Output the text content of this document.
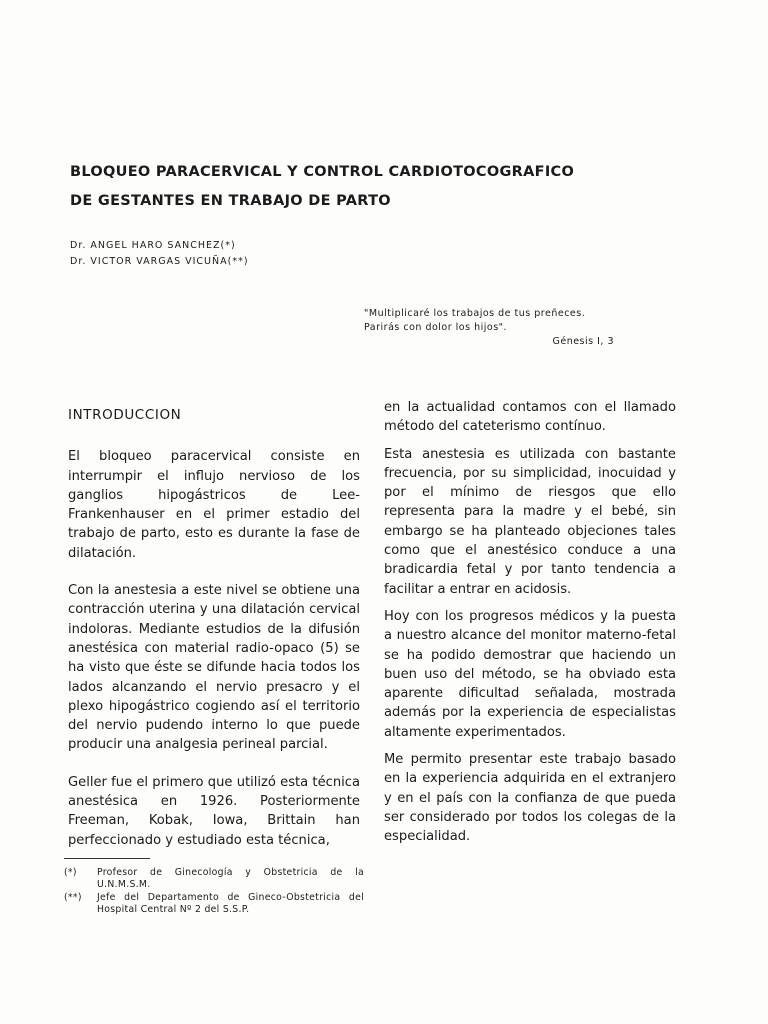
BLOQUEO PARACERVICAL Y CONTROL CARDIOTOCOGRAFICO
DE GESTANTES EN TRABAJO DE PARTO
Dr. ANGEL HARO SANCHEZ(*)
Dr. VICTOR VARGAS VICUÑA(**)
"Multiplicaré los trabajos de tus preñeces.
Parirás con dolor los hijos".
Génesis I, 3
INTRODUCCION

El bloqueo paracervical consiste en interrumpir el influjo nervioso de los ganglios hipogástricos de Lee-Frankenhauser en el primer estadio del trabajo de parto, esto es durante la fase de dilatación.

Con la anestesia a este nivel se obtiene una contracción uterina y una dilatación cervical indoloras. Mediante estudios de la difusión anestésica con material radio-opaco (5) se ha visto que éste se difunde hacia todos los lados alcanzando el nervio presacro y el plexo hipogástrico cogiendo así el territorio del nervio pudendo interno lo que puede producir una analgesia perineal parcial.

Geller fue el primero que utilizó esta técnica anestésica en 1926. Posteriormente Freeman, Kobak, Iowa, Brittain han perfeccionado y estudiado esta técnica,

en la actualidad contamos con el llamado método del cateterismo contínuo.

Esta anestesia es utilizada con bastante frecuencia, por su simplicidad, inocuidad y por el mínimo de riesgos que ello representa para la madre y el bebé, sin embargo se ha planteado objeciones tales como que el anestésico conduce a una bradicardia fetal y por tanto tendencia a facilitar a entrar en acidosis.

Hoy con los progresos médicos y la puesta a nuestro alcance del monitor materno-fetal se ha podido demostrar que haciendo un buen uso del método, se ha obviado esta aparente dificultad señalada, mostrada además por la experiencia de especialistas altamente experimentados.

Me permito presentar este trabajo basado en la experiencia adquirida en el extranjero y en el país con la confianza de que pueda ser considerado por todos los colegas de la especialidad.

(*)	Profesor de Ginecología y Obstetricia de la U.N.M.S.M.
(**)	Jefe del Departamento de Gineco-Obstetricia del Hospital Central Nº 2 del S.S.P.
